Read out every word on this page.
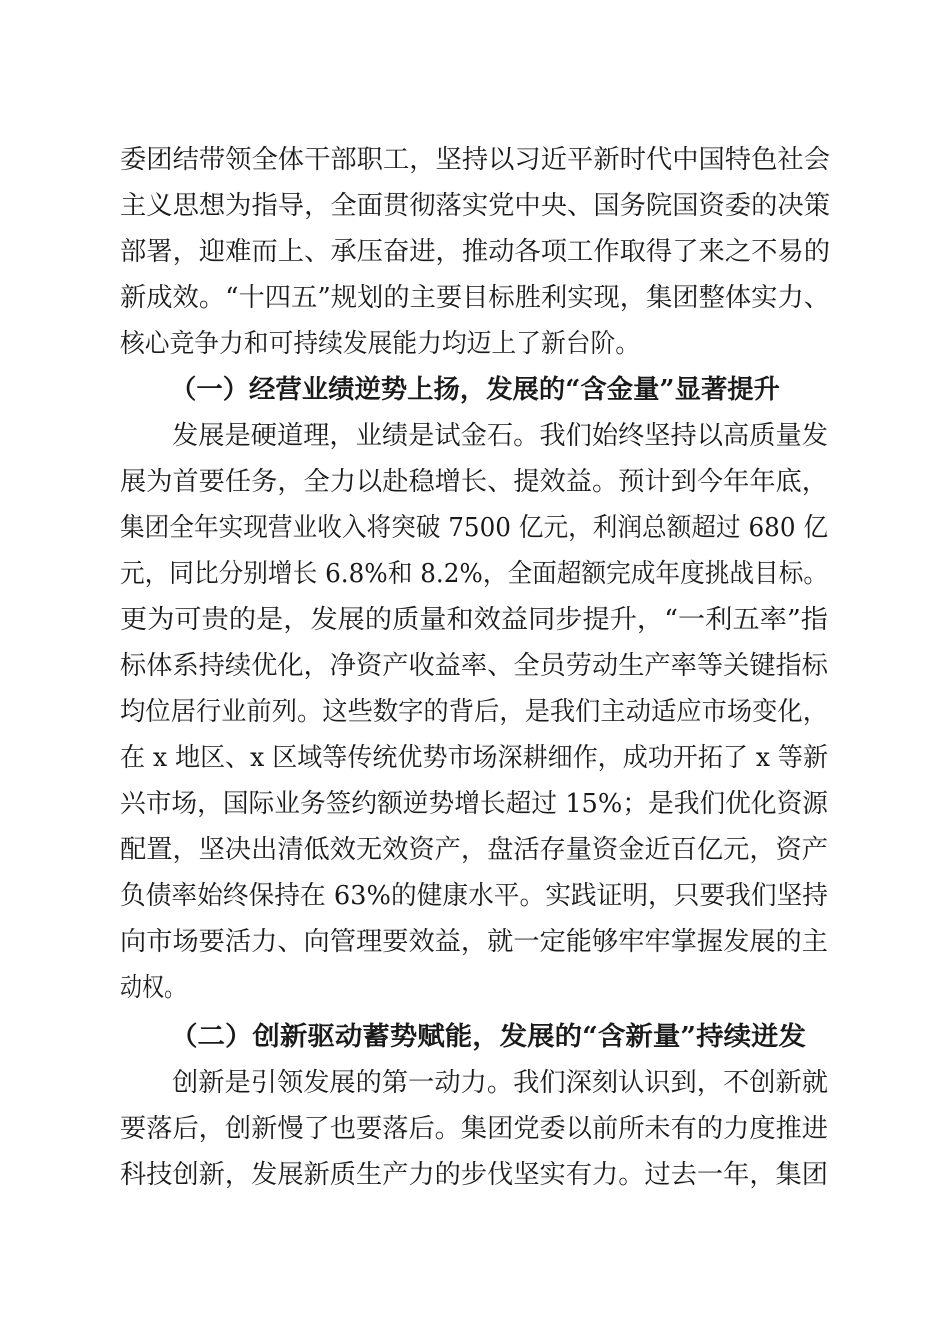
委团结带领全体干部职工，坚持以习近平新时代中国特色社会
主义思想为指导，全面贯彻落实党中央、国务院国资委的决策
部署，迎难而上、承压奋进，推动各项工作取得了来之不易的
新成效。“十四五”规划的主要目标胜利实现，集团整体实力、
核心竞争力和可持续发展能力均迈上了新台阶。
（一）经营业绩逆势上扬，发展的“含金量”显著提升
发展是硬道理，业绩是试金石。我们始终坚持以高质量发
展为首要任务，全力以赴稳增长、提效益。预计到今年年底，
集团全年实现营业收入将突破 7500 亿元，利润总额超过 680 亿
元，同比分别增长 6.8%和 8.2%，全面超额完成年度挑战目标。
更为可贵的是，发展的质量和效益同步提升，“一利五率”指
标体系持续优化，净资产收益率、全员劳动生产率等关键指标
均位居行业前列。这些数字的背后，是我们主动适应市场变化，
在 x 地区、x 区域等传统优势市场深耕细作，成功开拓了 x 等新
兴市场，国际业务签约额逆势增长超过 15%；是我们优化资源
配置，坚决出清低效无效资产，盘活存量资金近百亿元，资产
负债率始终保持在 63%的健康水平。实践证明，只要我们坚持
向市场要活力、向管理要效益，就一定能够牢牢掌握发展的主
动权。
（二）创新驱动蓄势赋能，发展的“含新量”持续迸发
创新是引领发展的第一动力。我们深刻认识到，不创新就
要落后，创新慢了也要落后。集团党委以前所未有的力度推进
科技创新，发展新质生产力的步伐坚实有力。过去一年，集团
